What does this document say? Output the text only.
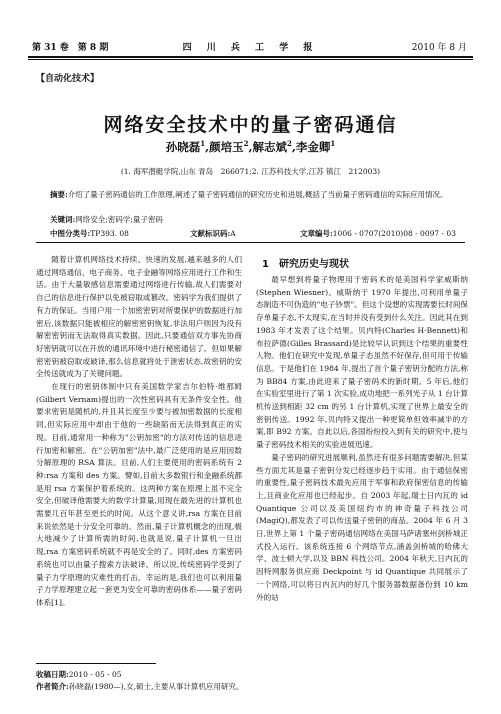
第 31 卷　第 8 期	四 川 兵 工 学 报	2010 年 8 月
【自动化技术】
网络安全技术中的量子密码通信
孙晓磊$^1$,颜培玉$^2$,解志斌$^2$,李金卿$^1$
(1. 海军潜艇学院,山东 青岛　266071;2. 江苏科技大学,江苏 镇江　212003)
摘要:介绍了量子密码通信的工作原理,阐述了量子密码通信的研究历史和进展,概括了当前量子密码通信的实际应用情况。
关键词:网络安全;密码学;量子密码
中图分类号:TP393. 08	文献标识码:A	文章编号:1006 - 0707(2010)08 - 0097 - 03

随着计算机网络技术持续、快速的发展,越来越多的人们通过网络通信、电子商务、电子金融等网络应用进行工作和生活。由于大量敏感信息需要通过网络进行传输,故人们需要对自己的信息进行保护以免被窃取或篡改。密码学为我们提供了有力的保证。当用户用一个加密密钥对所要保护的数据进行加密后,该数据只能被相应的解密密钥恢复,非法用户则因为没有解密密钥而无法取得真实数据。因此,只要通信双方事先协商好密钥就可以在开放的通讯环境中进行秘密通信了。但如果解密密钥被窃取或破译,那么信息就将处于泄密状态,故密钥的安全传送就成为了关键问题。

在现行的密钥体制中只有美国数学家吉尔伯特·维那姆(Gilbert Vernam)提出的一次性密码具有无条件安全性。他要求密钥是随机的,并且其长度至少要与被加密数据的长度相同,但实际应用中却由于他的一些缺陷而无法得到真正的实现。目前,通常用一种称为"公钥加密"的方法对传送的信息进行加密和解密。在"公钥加密"法中,最广泛使用的是应用因数分解原理的 RSA 算法。目前,人们主要使用的密码系统有 2 种:rsa 方案和 des 方案。譬如,目前大多数银行和金融系统都是用 rsa 方案保护着系统的。这两种方案在原理上虽不完全安全,但破译他需要大的数学计算量,用现在最先进的计算机也需要几百年甚至更长的时间。从这个意义讲,rsa 方案在目前来说依然是十分安全可靠的。然而,量子计算机概念的出现,极大地减少了计算所需的时间,也就是说,量子计算机一旦出现,rsa 方案密码系统就不再是安全的了。同时,des 方案密码系统也可以由量子搜索方法破译。所以说,传统密码学受到了量子力学原理的灾难性的打击。幸运的是,我们也可以利用量子力学原理建立起一套更为安全可靠的密码体系——量子密码体系[1]。

1　研究历史与现状

最早想到将量子物理用于密码术的是美国科学家威斯纳(Stephen Wiesner)。威斯纳于 1970 年提出,可利用单量子态制造不可伪造的"电子钞票"。但这个设想的实现需要长时间保存单量子态,不太现实,在当时并没有受到什么关注。因此其在到 1983 年才发表了这个结果。贝内特(Charles H·Bennett)和布拉萨德(Gilles Brassard)是比较早认识到这个结果的重要性人物。他们在研究中发现,单量子态虽然不好保存,但可用于传输信息。于是他们在 1984 年,提出了首个量子密钥分配的方法,称为 BB84 方案,由此迎来了量子密码术的新时期。5 年后,他们在实验室里进行了第 1 次实验,成功地把一系列光子从 1 台计算机传送到相距 32 cm 的另 1 台计算机,实现了世界上最安全的密钥传送。1992 年,贝内特又提出一种更简单但效率减半的方案,即 B92 方案。自此以后,各国纷纷投入到有关的研究中,使与量子密码技术相关的实验进展迅速。

量子密码的研究进展顺利,虽然还有很多问题需要解决,但某些方面尤其是量子密钥分发已经逐步趋于实用。由于通信保密的重要性,量子密码技术最先应用于军事和政府保密信息的传输上,且商业化应用也已经起步。自 2003 年起,瑞士日内瓦的 id Quantique 公司以及美国纽约市的神奇量子科技公司(MagiQ),都发表了可以传送量子密钥的商品。2004 年 6 月 3 日,世界上第 1 个量子密码通信网络在美国马萨诸塞州剑桥城正式投入运行。该系统连接 6 个网络节点,涵盖剑桥城的哈佛大学、波士顿大学,以及 BBN 科技公司。2004 年秋天,日内瓦的因特网服务供应商 Deckpoint 与 id Quantique 共同展示了一个网络,可以将日内瓦内的好几个服务器数据备份到 10 km 外的站

收稿日期:2010 - 05 - 05
作者简介:孙晓磊(1980—),女,硕士,主要从事计算机应用研究。
